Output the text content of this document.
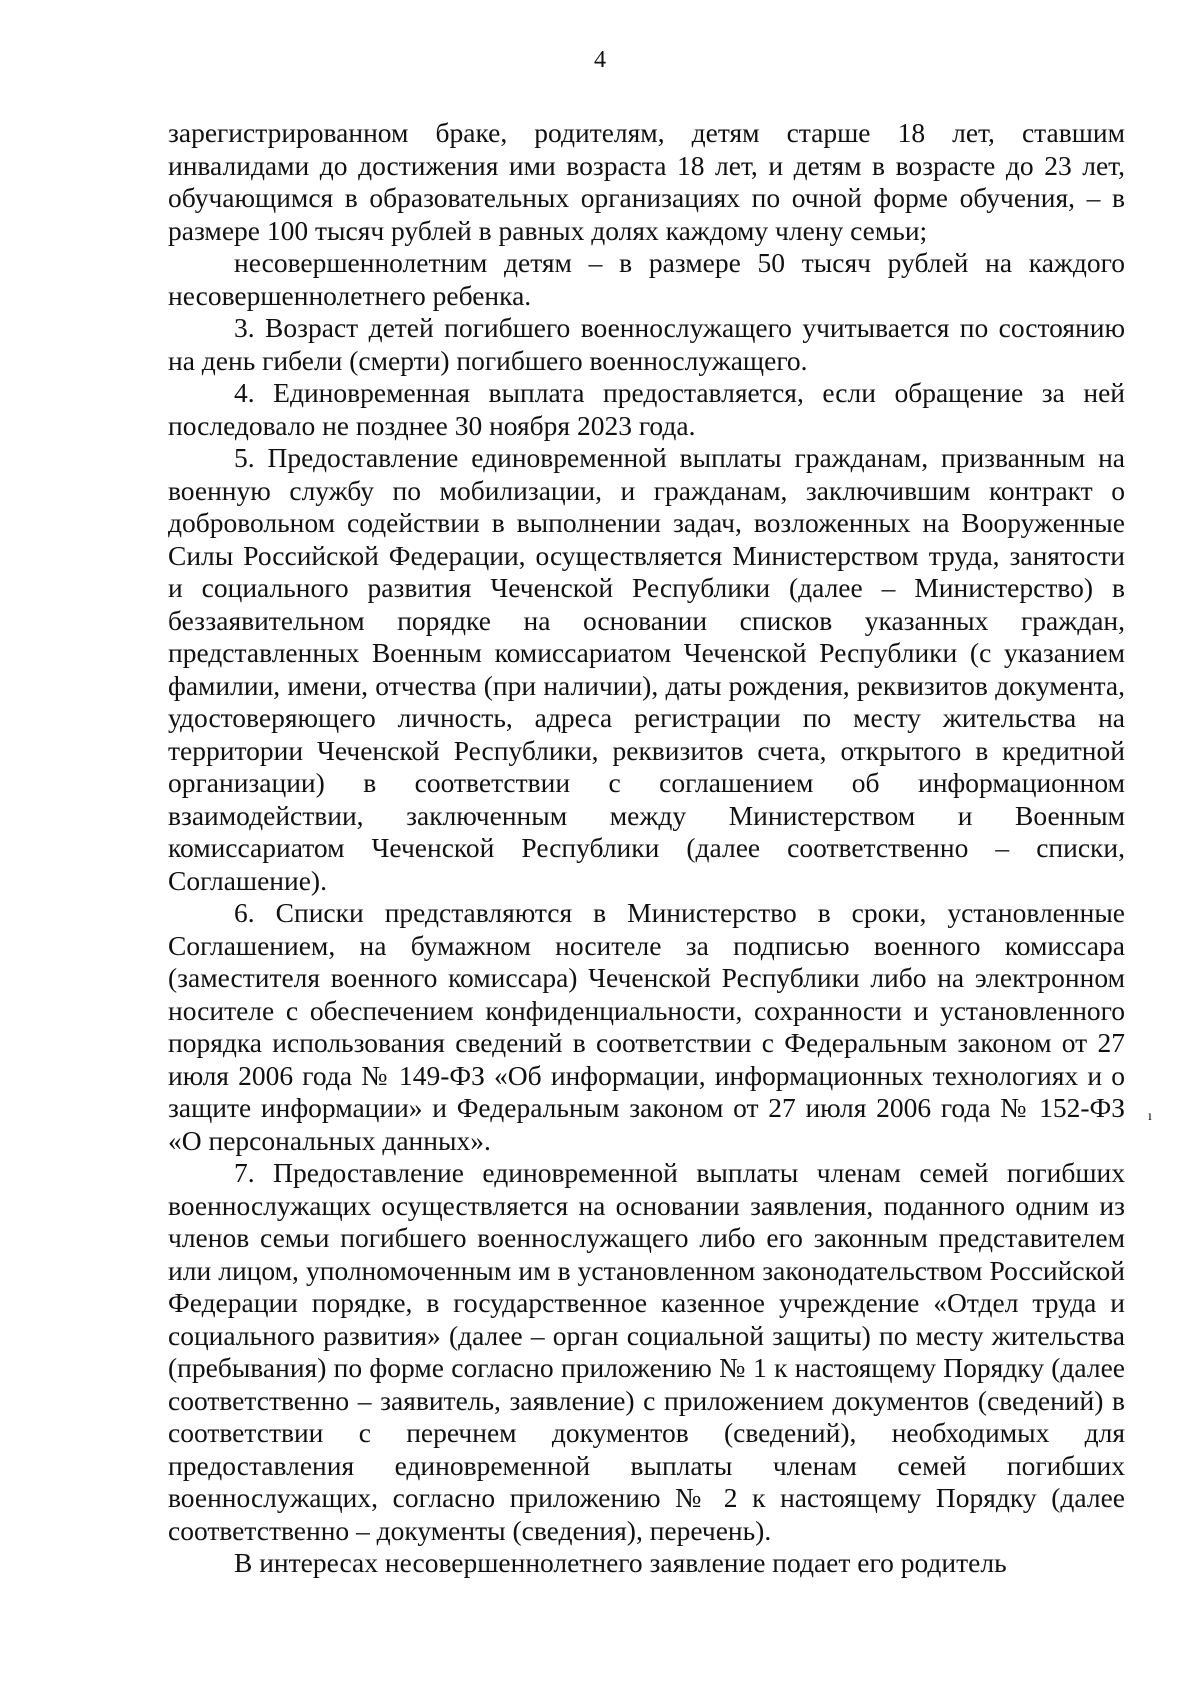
4

зарегистрированном браке, родителям, детям старше 18 лет, ставшим инвалидами до достижения ими возраста 18 лет, и детям в возрасте до 23 лет, обучающимся в образовательных организациях по очной форме обучения, – в размере 100 тысяч рублей в равных долях каждому члену семьи;

несовершеннолетним детям – в размере 50 тысяч рублей на каждого несовершеннолетнего ребенка.

3. Возраст детей погибшего военнослужащего учитывается по состоянию на день гибели (смерти) погибшего военнослужащего.

4. Единовременная выплата предоставляется, если обращение за ней последовало не позднее 30 ноября 2023 года.

5. Предоставление единовременной выплаты гражданам, призванным на военную службу по мобилизации, и гражданам, заключившим контракт о добровольном содействии в выполнении задач, возложенных на Вооруженные Силы Российской Федерации, осуществляется Министерством труда, занятости и социального развития Чеченской Республики (далее – Министерство) в беззаявительном порядке на основании списков указанных граждан, представленных Военным комиссариатом Чеченской Республики (с указанием фамилии, имени, отчества (при наличии), даты рождения, реквизитов документа, удостоверяющего личность, адреса регистрации по месту жительства на территории Чеченской Республики, реквизитов счета, открытого в кредитной организации) в соответствии с соглашением об информационном взаимодействии, заключенным между Министерством и Военным комиссариатом Чеченской Республики (далее соответственно – списки, Соглашение).

6. Списки представляются в Министерство в сроки, установленные Соглашением, на бумажном носителе за подписью военного комиссара (заместителя военного комиссара) Чеченской Республики либо на электронном носителе с обеспечением конфиденциальности, сохранности и установленного порядка использования сведений в соответствии с Федеральным законом от 27 июля 2006 года № 149-ФЗ «Об информации, информационных технологиях и о защите информации» и Федеральным законом от 27 июля 2006 года № 152-ФЗ «О персональных данных».

7. Предоставление единовременной выплаты членам семей погибших военнослужащих осуществляется на основании заявления, поданного одним из членов семьи погибшего военнослужащего либо его законным представителем или лицом, уполномоченным им в установленном законодательством Российской Федерации порядке, в государственное казенное учреждение «Отдел труда и социального развития» (далее – орган социальной защиты) по месту жительства (пребывания) по форме согласно приложению № 1 к настоящему Порядку (далее соответственно – заявитель, заявление) с приложением документов (сведений) в соответствии с перечнем документов (сведений), необходимых для предоставления единовременной выплаты членам семей погибших военнослужащих, согласно приложению № 2 к настоящему Порядку (далее соответственно – документы (сведения), перечень).

В интересах несовершеннолетнего заявление подает его родитель

ı
